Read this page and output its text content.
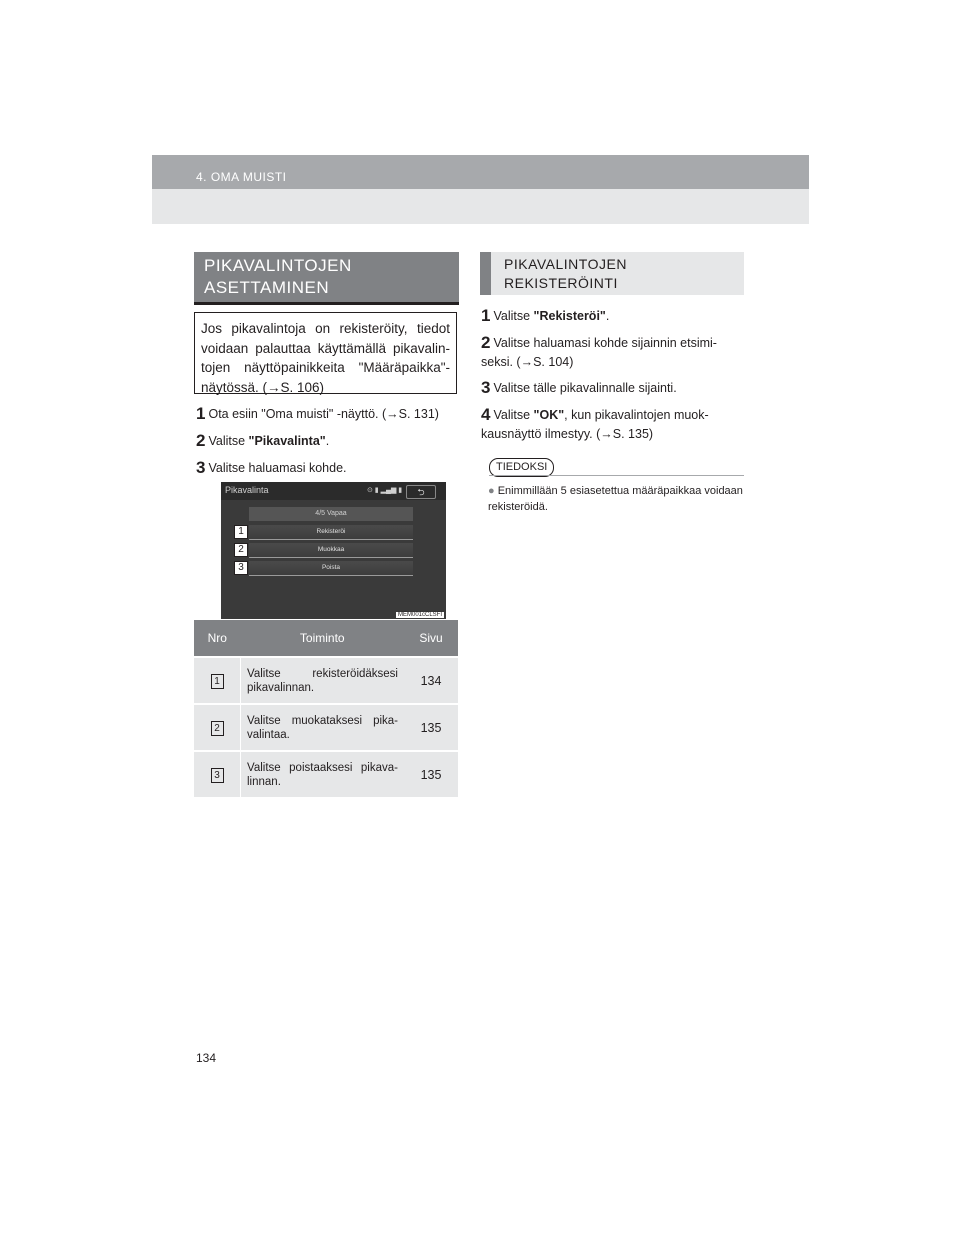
4. OMA MUISTI
PIKAVALINTOJEN
ASETTAMINEN
Jos pikavalintoja on rekisteröity, tiedot voidaan palauttaa käyttämällä pikavalin-tojen näyttöpainikkeita "Määräpaikka"-näytössä. (→S. 106)
1 Ota esiin "Oma muisti" -näyttö. (→S. 131)
2 Valitse "Pikavalinta".
3 Valitse haluamasi kohde.
Pikavalinta	⊙ ▮ ▂▄▆ ▮	⮌
4/5 Vapaa
Rekisteröi
Muokkaa
Poista
1
2
3
MEM001cCLSFI
Nro	Toiminto	Sivu
1	Valitse rekisteröidäksesi pikavalinnan.	134
2	Valitse muokataksesi pika-valintaa.	135
3	Valitse poistaaksesi pikava-linnan.	135
PIKAVALINTOJEN
REKISTERÖINTI
1 Valitse "Rekisteröi".
2 Valitse haluamasi kohde sijainnin etsimi-seksi. (→S. 104)
3 Valitse tälle pikavalinnalle sijainti.
4 Valitse "OK", kun pikavalintojen muok-kausnäyttö ilmestyy. (→S. 135)
TIEDOKSI
● Enimmillään 5 esiasetettua määräpaikkaa voidaan rekisteröidä.
134
